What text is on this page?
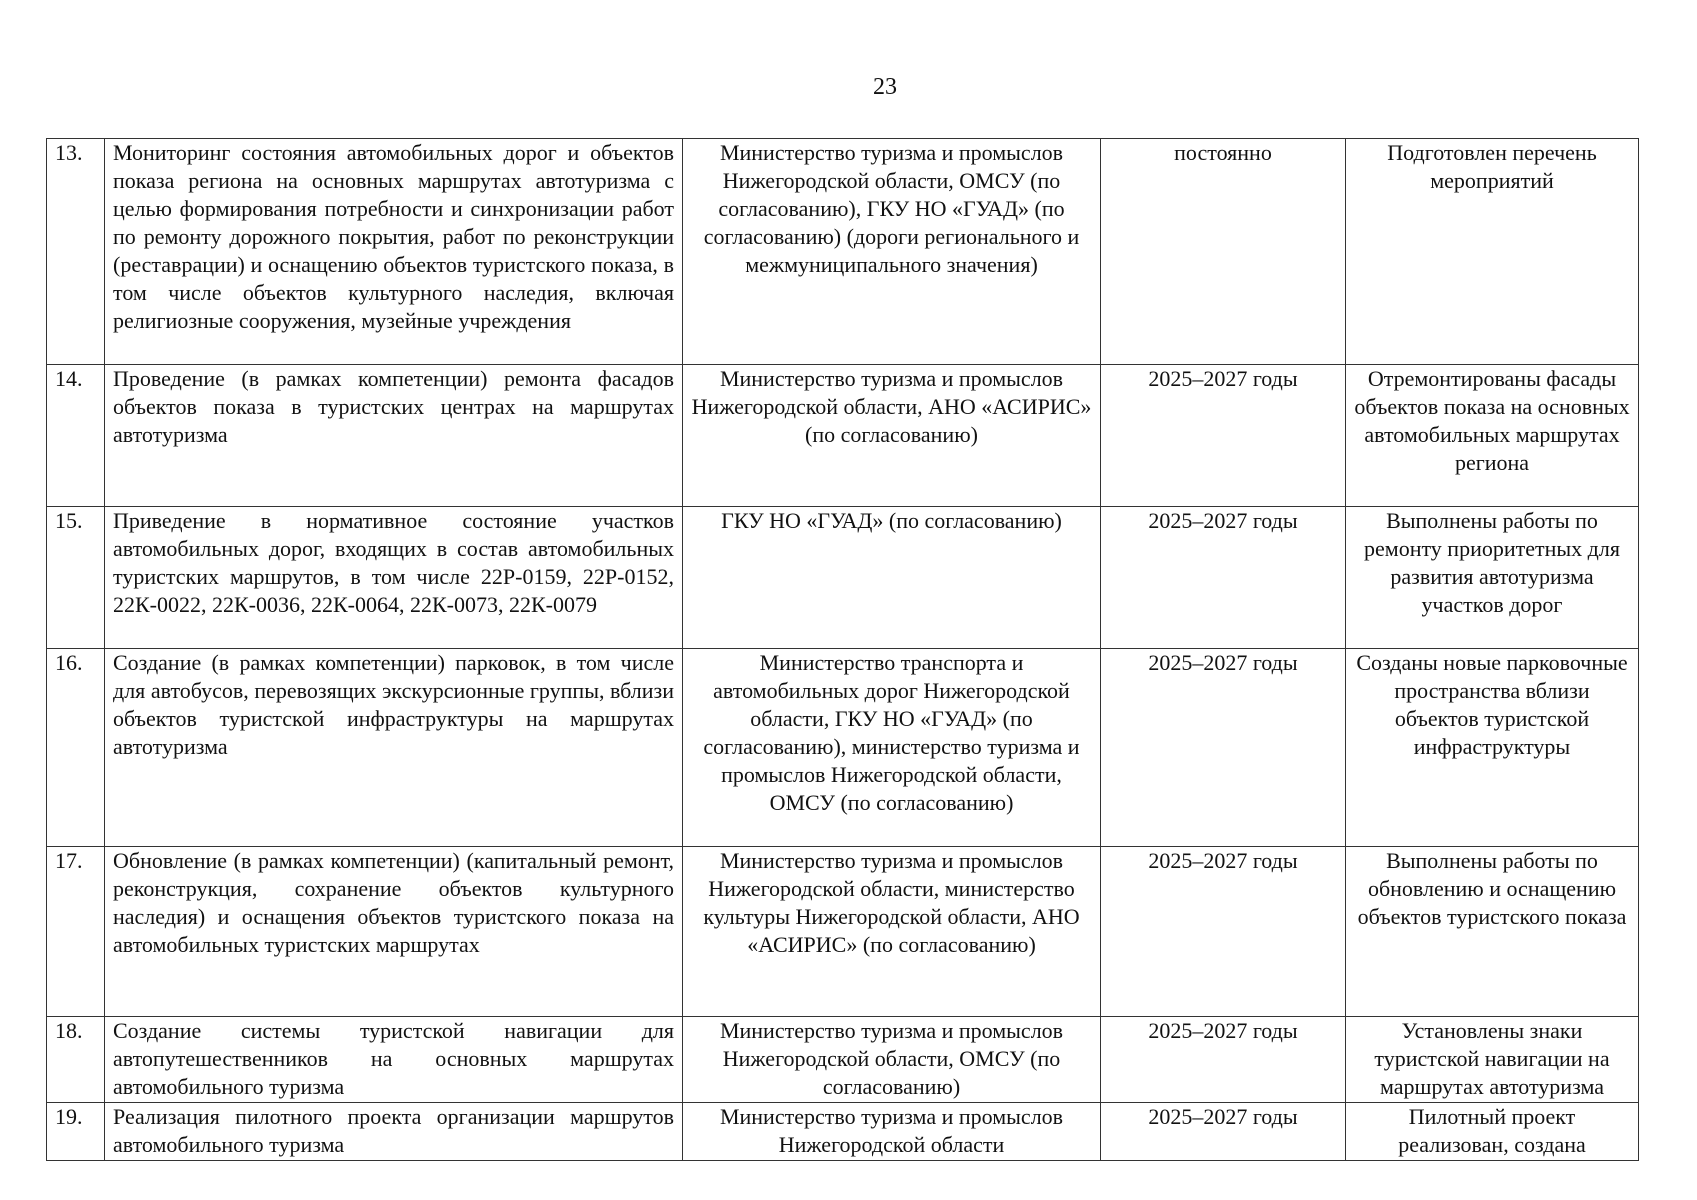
23
13.	Мониторинг состояния автомобильных дорог и объектов показа региона на основных маршрутах автотуризма с целью формирования потребности и синхронизации работ по ремонту дорожного покрытия, работ по реконструкции (реставрации) и оснащению объектов туристского показа, в том числе объектов культурного наследия, включая религиозные сооружения, музейные учреждения	Министерство туризма и промыслов Нижегородской области, ОМСУ (по согласованию), ГКУ НО «ГУАД» (по согласованию) (дороги регионального и межмуниципального значения)	постоянно	Подготовлен перечень мероприятий
14.	Проведение (в рамках компетенции) ремонта фасадов объектов показа в туристских центрах на маршрутах автотуризма	Министерство туризма и промыслов Нижегородской области, АНО «АСИРИС» (по согласованию)	2025–2027 годы	Отремонтированы фасады объектов показа на основных автомобильных маршрутах региона
15.	Приведение в нормативное состояние участков автомобильных дорог, входящих в состав автомобильных туристских маршрутов, в том числе 22Р-0159, 22Р-0152, 22К-0022, 22К-0036, 22К-0064, 22К-0073, 22К-0079	ГКУ НО «ГУАД» (по согласованию)	2025–2027 годы	Выполнены работы по ремонту приоритетных для развития автотуризма участков дорог
16.	Создание (в рамках компетенции) парковок, в том числе для автобусов, перевозящих экскурсионные группы, вблизи объектов туристской инфраструктуры на маршрутах автотуризма	Министерство транспорта и автомобильных дорог Нижегородской области, ГКУ НО «ГУАД» (по согласованию), министерство туризма и промыслов Нижегородской области, ОМСУ (по согласованию)	2025–2027 годы	Созданы новые парковочные пространства вблизи объектов туристской инфраструктуры
17.	Обновление (в рамках компетенции) (капитальный ремонт, реконструкция, сохранение объектов культурного наследия) и оснащения объектов туристского показа на автомобильных туристских маршрутах	Министерство туризма и промыслов Нижегородской области, министерство культуры Нижегородской области, АНО «АСИРИС» (по согласованию)	2025–2027 годы	Выполнены работы по обновлению и оснащению объектов туристского показа
18.	Создание системы туристской навигации для автопутешественников на основных маршрутах автомобильного туризма	Министерство туризма и промыслов Нижегородской области, ОМСУ (по согласованию)	2025–2027 годы	Установлены знаки туристской навигации на маршрутах автотуризма
19.	Реализация пилотного проекта организации маршрутов автомобильного туризма	Министерство туризма и промыслов Нижегородской области	2025–2027 годы	Пилотный проект реализован, создана
